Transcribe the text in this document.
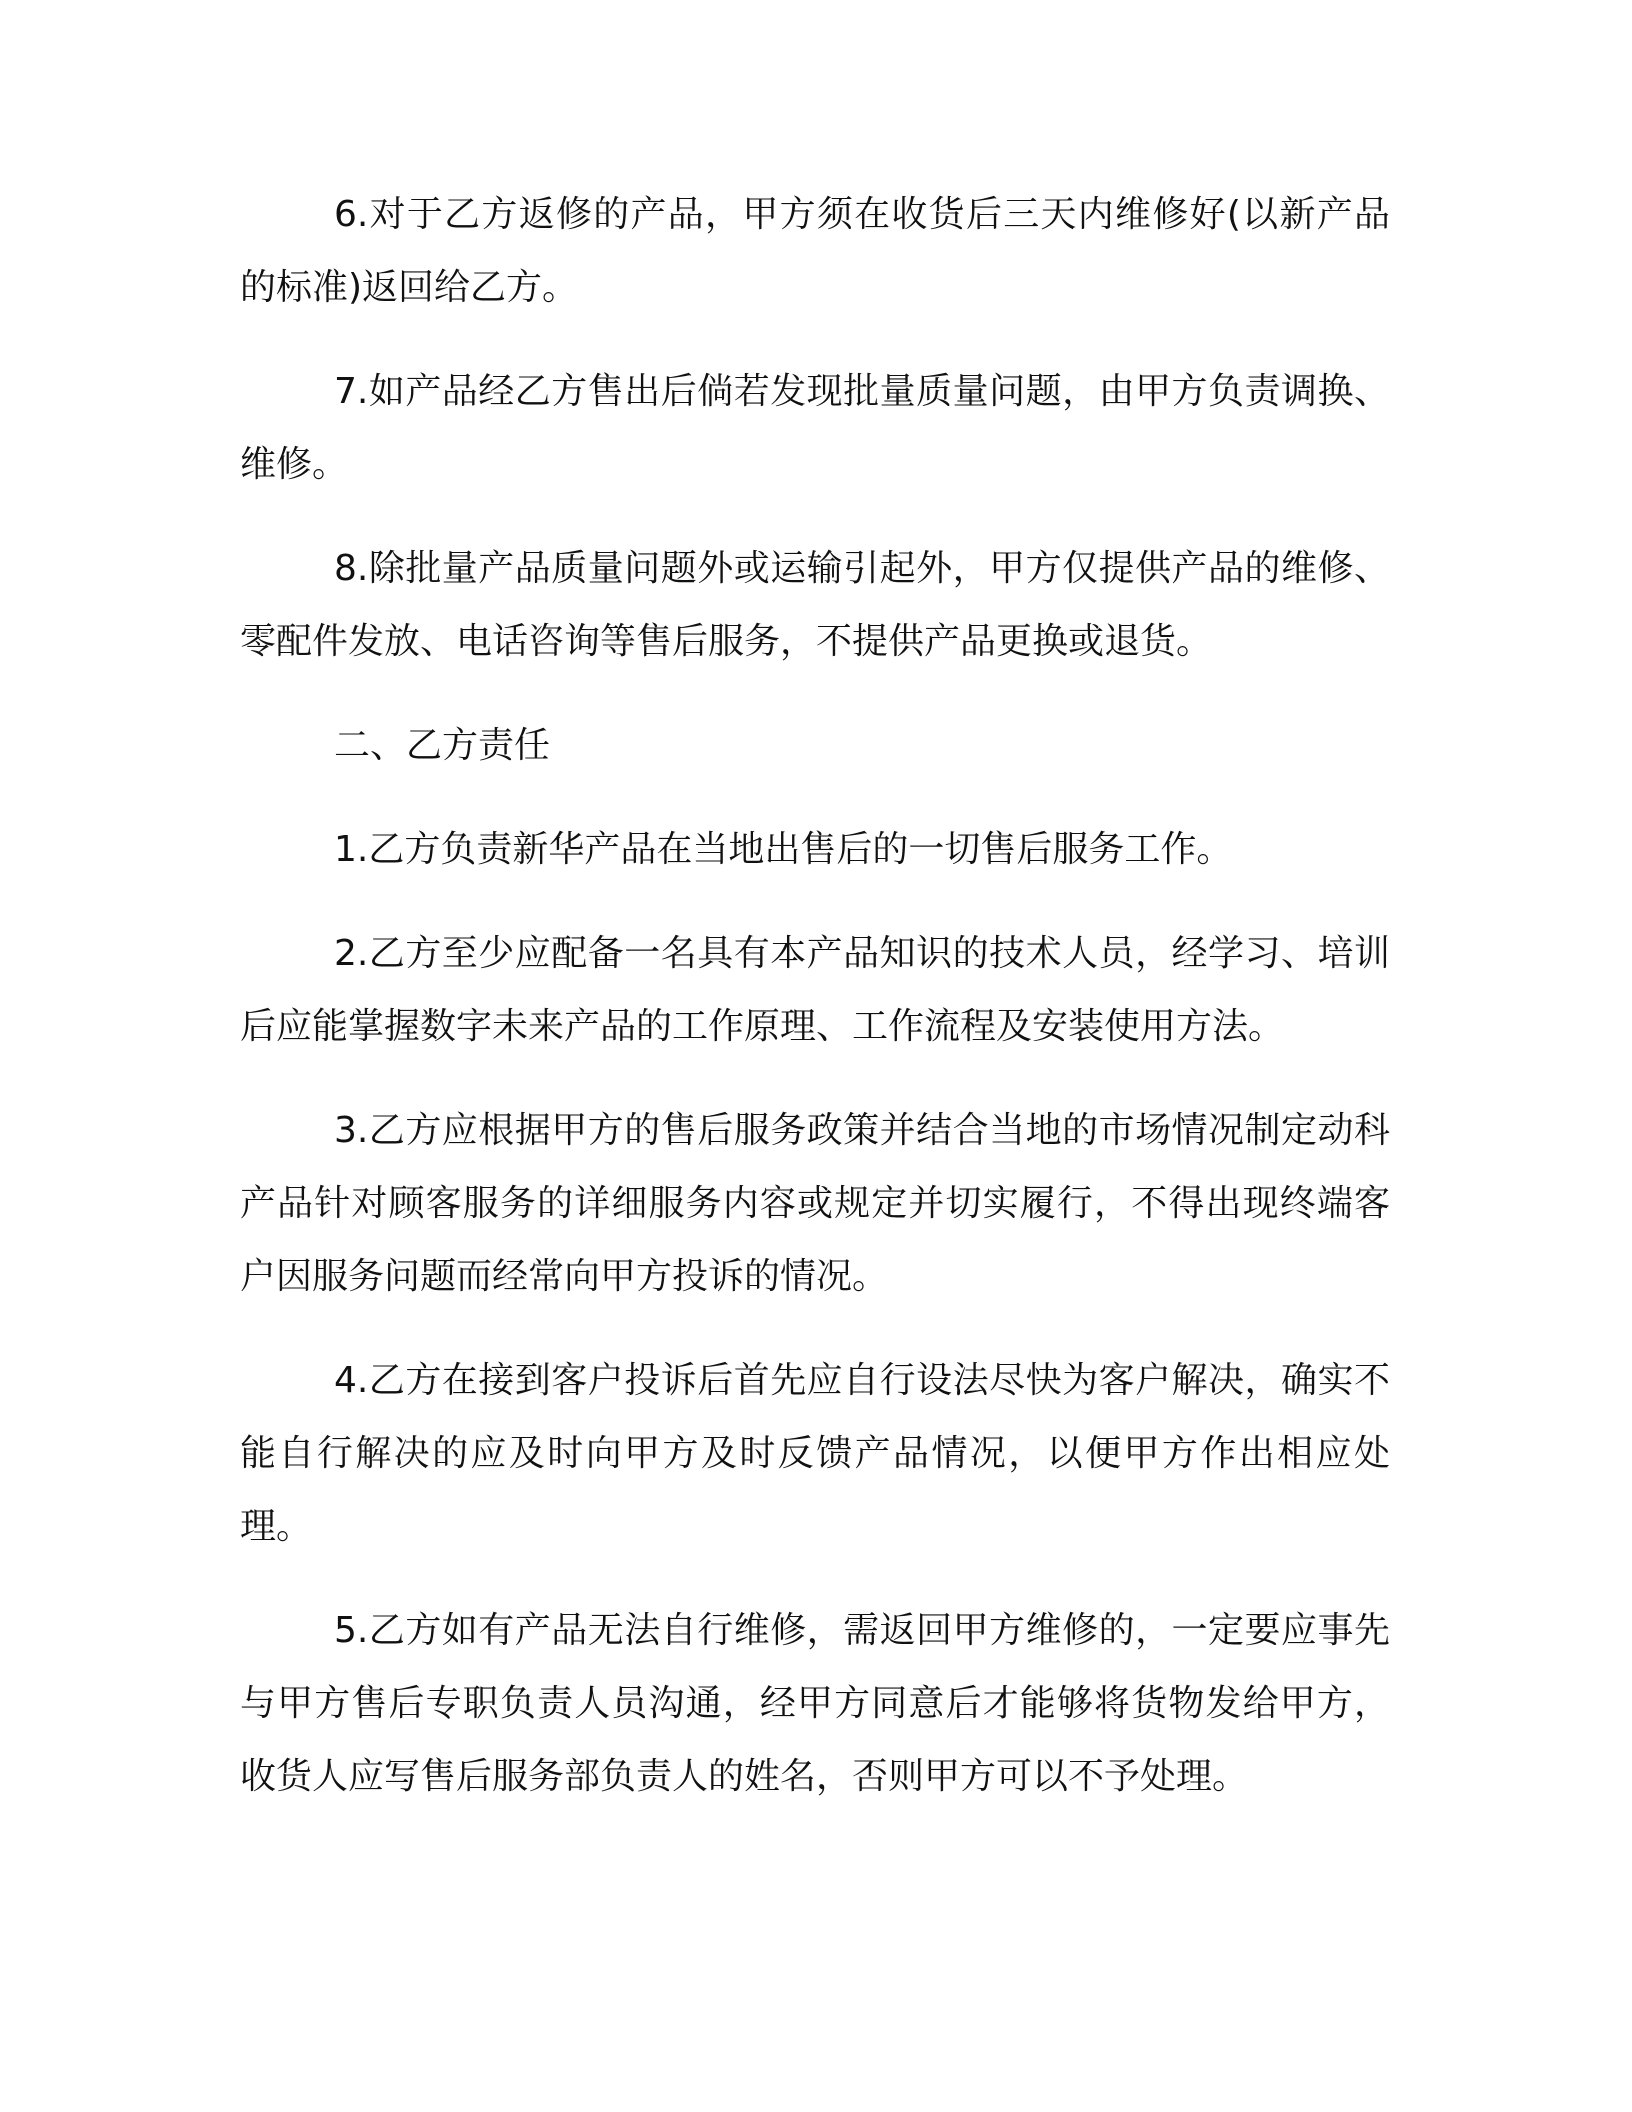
6.对于乙方返修的产品，甲方须在收货后三天内维修好(以新产品的标准)返回给乙方。

7.如产品经乙方售出后倘若发现批量质量问题，由甲方负责调换、维修。

8.除批量产品质量问题外或运输引起外，甲方仅提供产品的维修、零配件发放、电话咨询等售后服务，不提供产品更换或退货。

二、乙方责任

1.乙方负责新华产品在当地出售后的一切售后服务工作。

2.乙方至少应配备一名具有本产品知识的技术人员，经学习、培训后应能掌握数字未来产品的工作原理、工作流程及安装使用方法。

3.乙方应根据甲方的售后服务政策并结合当地的市场情况制定动科产品针对顾客服务的详细服务内容或规定并切实履行，不得出现终端客户因服务问题而经常向甲方投诉的情况。

4.乙方在接到客户投诉后首先应自行设法尽快为客户解决，确实不能自行解决的应及时向甲方及时反馈产品情况，以便甲方作出相应处理。

5.乙方如有产品无法自行维修，需返回甲方维修的，一定要应事先与甲方售后专职负责人员沟通，经甲方同意后才能够将货物发给甲方，收货人应写售后服务部负责人的姓名，否则甲方可以不予处理。
